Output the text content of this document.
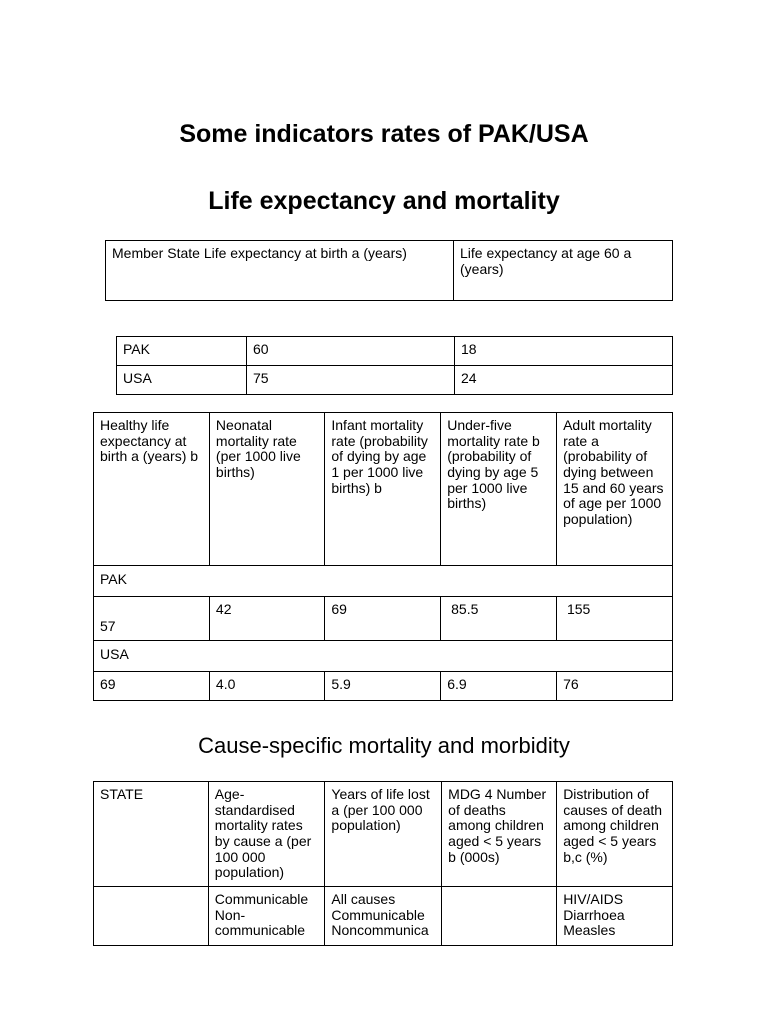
Some indicators rates of PAK/USA
Life expectancy and mortality
Member State Life expectancy at birth a (years)	Life expectancy at age 60 a (years)
PAK	60	18
USA	75	24
Healthy life expectancy at birth a (years) b	Neonatal mortality rate (per 1000 live births)	Infant mortality rate (probability of dying by age 1 per 1000 live births) b	Under-five mortality rate b (probability of dying by age 5 per 1000 live births)	Adult mortality rate a (probability of dying between 15 and 60 years of age per 1000 population)
PAK				
57	42	69	85.5	155
USA				
69	4.0	5.9	6.9	76
Cause-specific mortality and morbidity
STATE	Age-standardised mortality rates by cause a (per 100 000 population)	Years of life lost a (per 100 000 population)	MDG 4 Number of deaths among children aged < 5 years b (000s)	Distribution of causes of death among children aged < 5 years b,c (%)
	Communicable Non-communicable	All causes Communicable Noncommunica		HIV/AIDS Diarrhoea Measles
